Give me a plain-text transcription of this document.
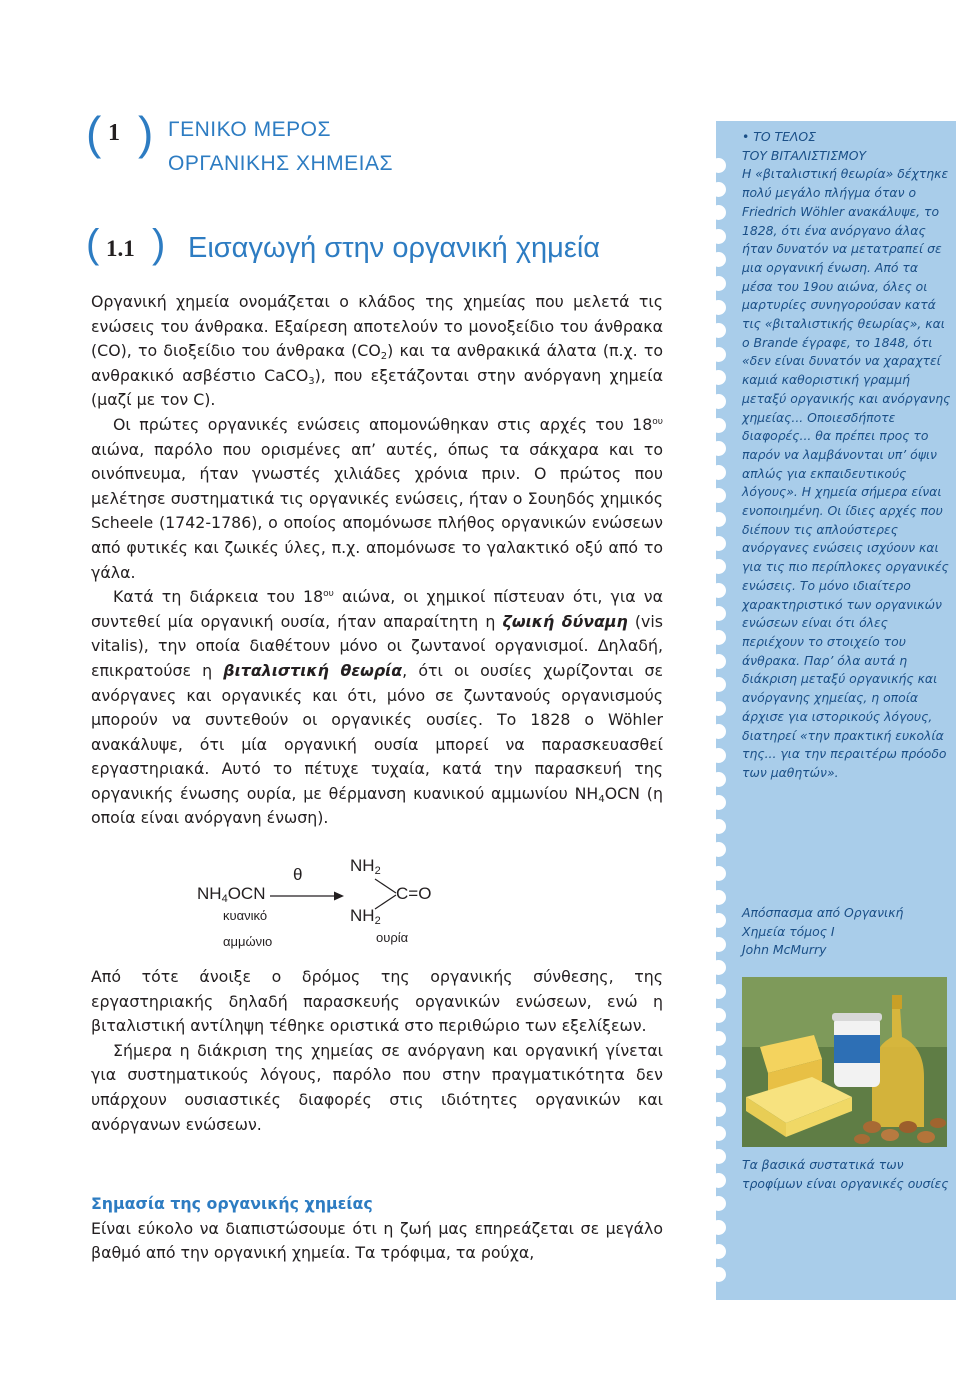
( 1 ) ΓΕΝΙΚΟ ΜΕΡΟΣ
ΟΡΓΑΝΙΚΗΣ ΧΗΜΕΙΑΣ
( 1.1 ) Εισαγωγή στην οργανική χημεία

Οργανική χημεία ονομάζεται ο κλάδος της χημείας που μελετά τις ενώσεις του άνθρακα. Εξαίρεση αποτελούν το μονοξείδιο του άνθρακα (CO), το διοξείδιο του άνθρακα $(CO_2)$ και τα ανθρακικά άλατα (π.χ. το ανθρακικό ασβέστιο CaCO$_3$), που εξετάζονται στην ανόργανη χημεία (μαζί με τον C).

Οι πρώτες οργανικές ενώσεις απομονώθηκαν στις αρχές του $18^{o\upsilon}$ αιώνα, παρόλο που ορισμένες απ’ αυτές, όπως τα σάκχαρα και το οινόπνευμα, ήταν γνωστές χιλιάδες χρόνια πριν. Ο πρώτος που μελέτησε συστηματικά τις οργανικές ενώσεις, ήταν ο Σουηδός χημικός Scheele (1742-1786), ο οποίος απομόνωσε πλήθος οργανικών ενώσεων από φυτικές και ζωικές ύλες, π.χ. απομόνωσε το γαλακτικό οξύ από το γάλα.

Κατά τη διάρκεια του $18^{o\upsilon}$ αιώνα, οι χημικοί πίστευαν ότι, για να συντεθεί μία οργανική ουσία, ήταν απαραίτητη η ζωική δύναμη (vis vitalis), την οποία διαθέτουν μόνο οι ζωντανοί οργανισμοί. Δηλαδή, επικρατούσε η βιταλιστική θεωρία, ότι οι ουσίες χωρίζονται σε ανόργανες και οργανικές και ότι, μόνο σε ζωντανούς οργανισμούς μπορούν να συντεθούν οι οργανικές ουσίες. Το 1828 ο Wöhler ανακάλυψε, ότι μία οργανική ουσία μπορεί να παρασκευασθεί εργαστηριακά. Αυτό το πέτυχε τυχαία, κατά την παρασκευή της οργανικής ένωσης ουρία, με θέρμανση κυανικού αμμωνίου $NH_4OCN$ (η οποία είναι ανόργανη ένωση).

$NH_4OCN$
κυανικό
αμμώνιο
θ	$NH_2$
$NH_2$
C=O
ουρία

Από τότε άνοιξε ο δρόμος της οργανικής σύνθεσης, της εργαστηριακής δηλαδή παρασκευής οργανικών ενώσεων, ενώ η βιταλιστική αντίληψη τέθηκε οριστικά στο περιθώριο των εξελίξεων.

Σήμερα η διάκριση της χημείας σε ανόργανη και οργανική γίνεται για συστηματικούς λόγους, παρόλο που στην πραγματικότητα δεν υπάρχουν ουσιαστικές διαφορές στις ιδιότητες οργανικών και ανόργανων ενώσεων.

Σημασία της οργανικής χημείας

Είναι εύκολο να διαπιστώσουμε ότι η ζωή μας επηρεάζεται σε μεγάλο βαθμό από την οργανική χημεία. Τα τρόφιμα, τα ρούχα,

• ΤΟ ΤΕΛΟΣ
ΤΟΥ ΒΙΤΑΛΙΣΤΙΣΜΟΥ

Η «βιταλιστική θεωρία» δέχτηκε πολύ μεγάλο πλήγμα όταν ο Friedrich Wöhler ανακάλυψε, το 1828, ότι ένα ανόργανο άλας ήταν δυνατόν να μετατραπεί σε μια οργανική ένωση. Από τα μέσα του 19ου αιώνα, όλες οι μαρτυρίες συνηγορούσαν κατά τις «βιταλιστικής θεωρίας», και ο Brande έγραφε, το 1848, ότι «δεν είναι δυνατόν να χαραχτεί καμιά καθοριστική γραμμή μεταξύ οργανικής και ανόργανης χημείας... Οποιεσδήποτε διαφορές... θα πρέπει προς το παρόν να λαμβάνονται υπ’ όψιν απλώς για εκπαιδευτικούς λόγους». Η χημεία σήμερα είναι ενοποιημένη. Οι ίδιες αρχές που διέπουν τις απλούστερες ανόργανες ενώσεις ισχύουν και για τις πιο περίπλοκες οργανικές ενώσεις. Το μόνο ιδιαίτερο χαρακτηριστικό των οργανικών ενώσεων είναι ότι όλες περιέχουν το στοιχείο του άνθρακα. Παρ’ όλα αυτά η διάκριση μεταξύ οργανικής και ανόργανης χημείας, η οποία άρχισε για ιστορικούς λόγους, διατηρεί «την πρακτική ευκολία της... για την περαιτέρω πρόοδο των μαθητών».

Απόσπασμα από Οργανική
Χημεία τόμος I
John McMurry

Τα βασικά συστατικά των τροφίμων είναι οργανικές ουσίες
